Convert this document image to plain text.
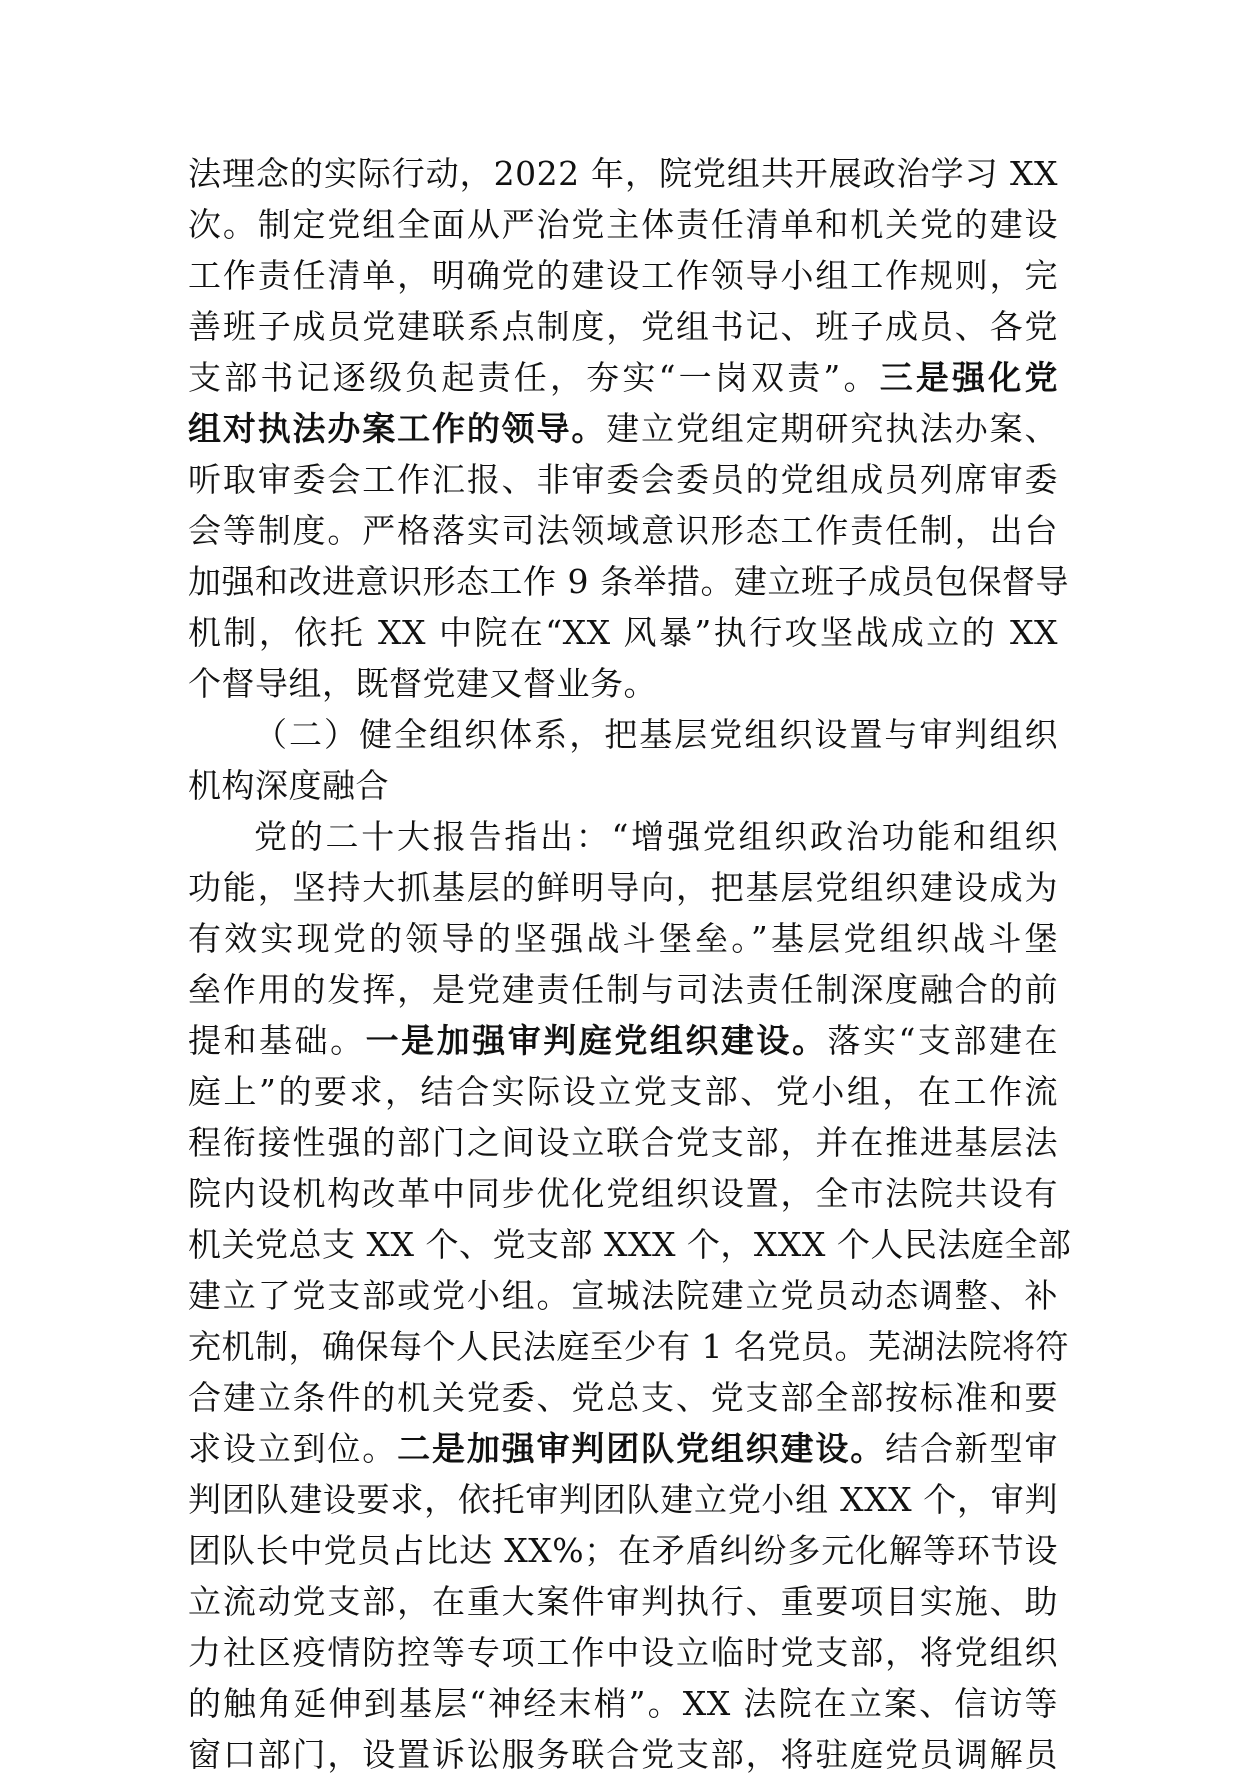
法理念的实际行动，2022 年，院党组共开展政治学习 XX
次。制定党组全面从严治党主体责任清单和机关党的建设
工作责任清单，明确党的建设工作领导小组工作规则，完
善班子成员党建联系点制度，党组书记、班子成员、各党
支部书记逐级负起责任，夯实“一岗双责”。三是强化党
组对执法办案工作的领导。建立党组定期研究执法办案、
听取审委会工作汇报、非审委会委员的党组成员列席审委
会等制度。严格落实司法领域意识形态工作责任制，出台
加强和改进意识形态工作 9 条举措。建立班子成员包保督导
机制，依托 XX 中院在“XX 风暴”执行攻坚战成立的 XX
个督导组，既督党建又督业务。
（二）健全组织体系，把基层党组织设置与审判组织
机构深度融合
党的二十大报告指出：“增强党组织政治功能和组织
功能，坚持大抓基层的鲜明导向，把基层党组织建设成为
有效实现党的领导的坚强战斗堡垒。”基层党组织战斗堡
垒作用的发挥，是党建责任制与司法责任制深度融合的前
提和基础。一是加强审判庭党组织建设。落实“支部建在
庭上”的要求，结合实际设立党支部、党小组，在工作流
程衔接性强的部门之间设立联合党支部，并在推进基层法
院内设机构改革中同步优化党组织设置，全市法院共设有
机关党总支 XX 个、党支部 XXX 个，XXX 个人民法庭全部
建立了党支部或党小组。宣城法院建立党员动态调整、补
充机制，确保每个人民法庭至少有 1 名党员。芜湖法院将符
合建立条件的机关党委、党总支、党支部全部按标准和要
求设立到位。二是加强审判团队党组织建设。结合新型审
判团队建设要求，依托审判团队建立党小组 XXX 个，审判
团队长中党员占比达 XX%；在矛盾纠纷多元化解等环节设
立流动党支部，在重大案件审判执行、重要项目实施、助
力社区疫情防控等专项工作中设立临时党支部，将党组织
的触角延伸到基层“神经末梢”。XX 法院在立案、信访等
窗口部门，设置诉讼服务联合党支部，将驻庭党员调解员
